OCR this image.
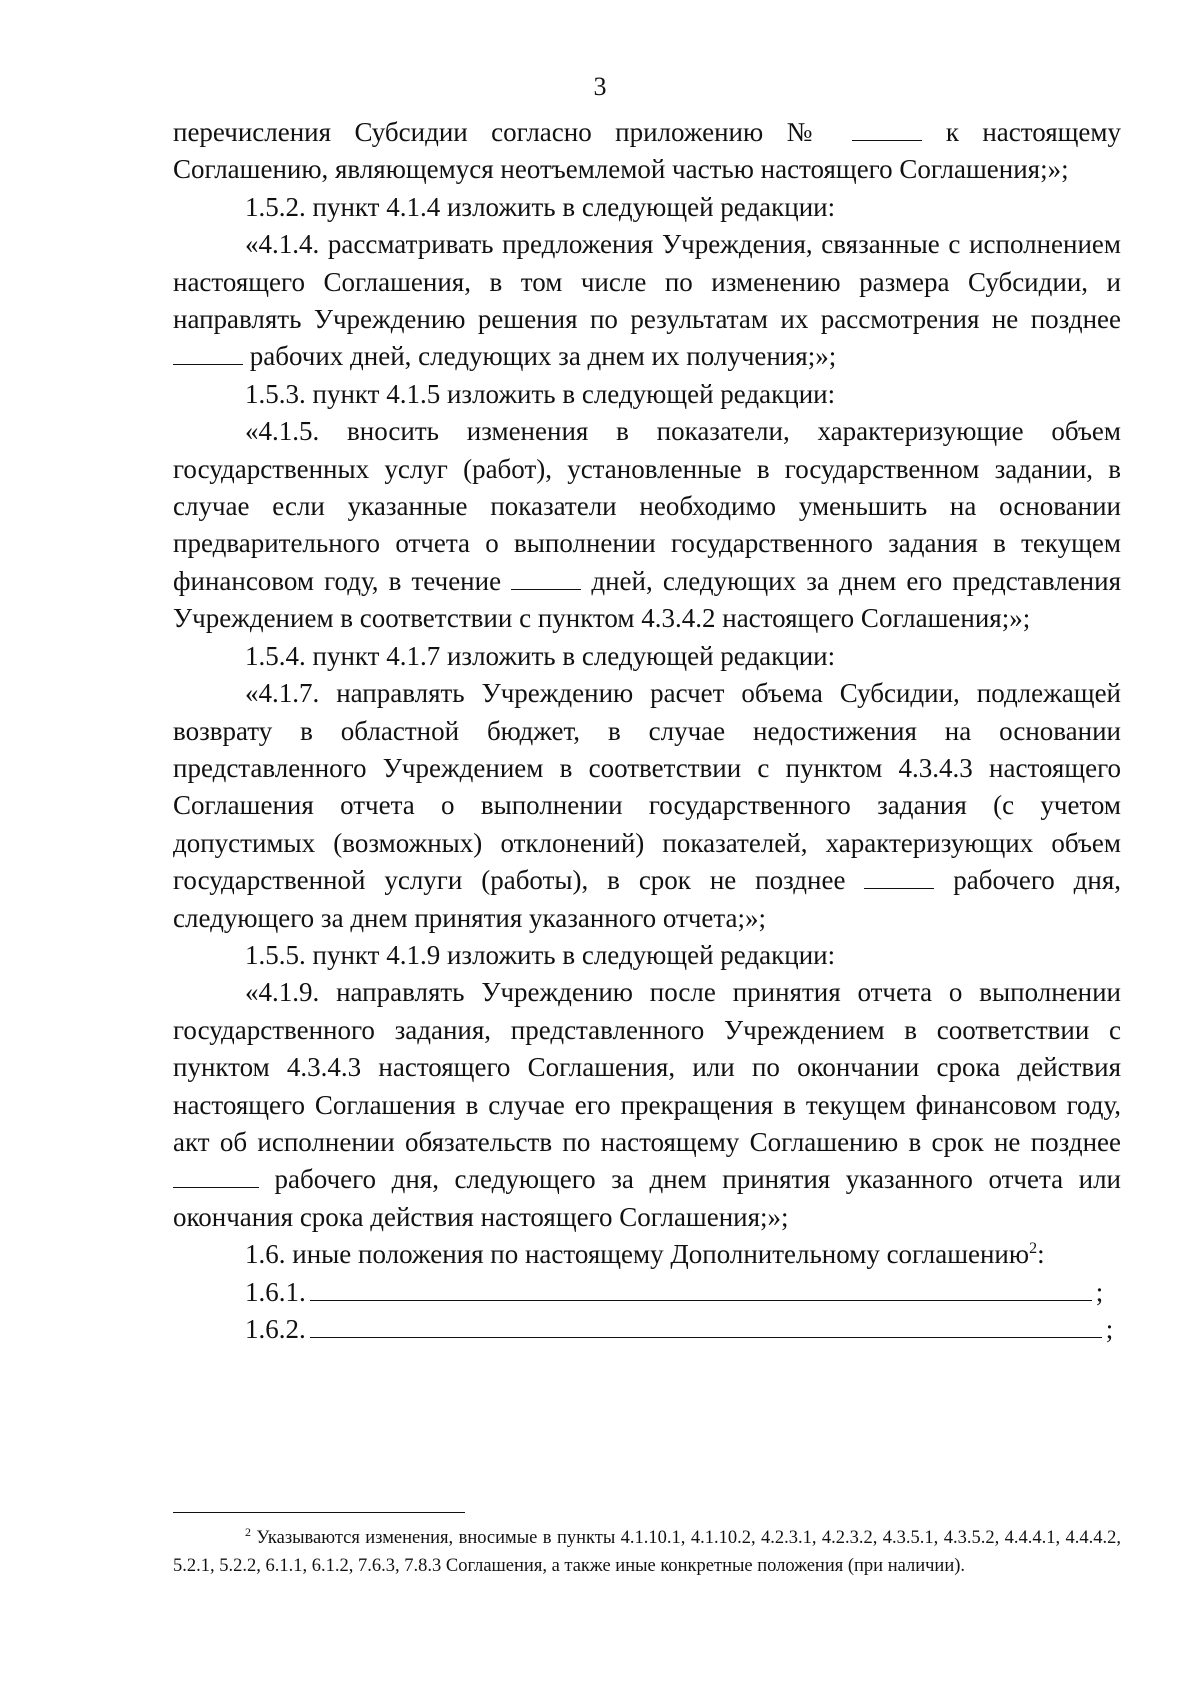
3

перечисления Субсидии согласно приложению №	к настоящему Соглашению, являющемуся неотъемлемой частью настоящего Соглашения;»;

1.5.2. пункт 4.1.4 изложить в следующей редакции:

«4.1.4. рассматривать предложения Учреждения, связанные с исполнением настоящего Соглашения, в том числе по изменению размера Субсидии, и направлять Учреждению решения по результатам их рассмотрения не позднее  рабочих дней, следующих за днем их получения;»;

1.5.3. пункт 4.1.5 изложить в следующей редакции:

«4.1.5. вносить изменения в показатели, характеризующие объем государственных услуг (работ), установленные в государственном задании, в случае если указанные показатели необходимо уменьшить на основании предварительного отчета о выполнении государственного задания в текущем финансовом году, в течение	дней, следующих за днем его представления Учреждением в соответствии с пунктом 4.3.4.2 настоящего Соглашения;»;

1.5.4. пункт 4.1.7 изложить в следующей редакции:

«4.1.7. направлять Учреждению расчет объема Субсидии, подлежащей возврату в областной бюджет, в случае недостижения на основании представленного Учреждением в соответствии с пунктом 4.3.4.3 настоящего Соглашения отчета о выполнении государственного задания (с учетом допустимых (возможных) отклонений) показателей, характеризующих объем государственной услуги (работы), в срок не позднее	рабочего дня, следующего за днем принятия указанного отчета;»;

1.5.5. пункт 4.1.9 изложить в следующей редакции:

«4.1.9. направлять Учреждению после принятия отчета о выполнении государственного задания, представленного Учреждением в соответствии с пунктом 4.3.4.3 настоящего Соглашения, или по окончании срока действия настоящего Соглашения в случае его прекращения в текущем финансовом году, акт об исполнении обязательств по настоящему Соглашению в срок не позднее  рабочего дня, следующего за днем принятия указанного отчета или окончания срока действия настоящего Соглашения;»;

1.6. иные положения по настоящему Дополнительному соглашению$^2$:

1.6.1.	;
1.6.2.	;
$^2$ Указываются изменения, вносимые в пункты 4.1.10.1, 4.1.10.2, 4.2.3.1, 4.2.3.2, 4.3.5.1, 4.3.5.2, 4.4.4.1, 4.4.4.2, 5.2.1, 5.2.2, 6.1.1, 6.1.2, 7.6.3, 7.8.3 Соглашения, а также иные конкретные положения (при наличии).
